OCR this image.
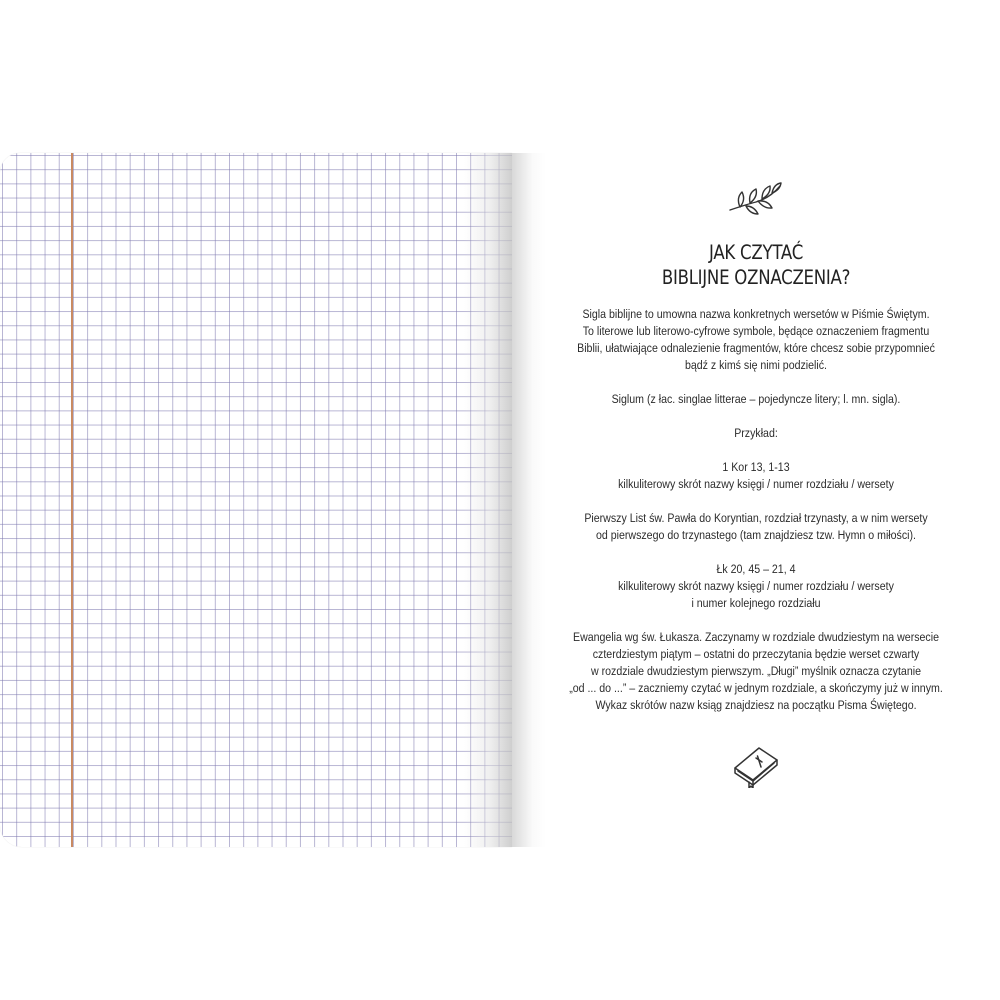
JAK CZYTAĆ
BIBLIJNE OZNACZENIA?

Sigla biblijne to umowna nazwa konkretnych wersetów w Piśmie Świętym.

To literowe lub literowo-cyfrowe symbole, będące oznaczeniem fragmentu

Biblii, ułatwiające odnalezienie fragmentów, które chcesz sobie przypomnieć

bądź z kimś się nimi podzielić.

Siglum (z łac. singlae litterae – pojedyncze litery; l. mn. sigla).

Przykład:

1 Kor 13, 1-13

kilkuliterowy skrót nazwy księgi / numer rozdziału / wersety

Pierwszy List św. Pawła do Koryntian, rozdział trzynasty, a w nim wersety

od pierwszego do trzynastego (tam znajdziesz tzw. Hymn o miłości).

Łk 20, 45 – 21, 4

kilkuliterowy skrót nazwy księgi / numer rozdziału / wersety

i numer kolejnego rozdziału

Ewangelia wg św. Łukasza. Zaczynamy w rozdziale dwudziestym na wersecie

czterdziestym piątym – ostatni do przeczytania będzie werset czwarty

w rozdziale dwudziestym pierwszym. „Długi” myślnik oznacza czytanie

„od ... do ...” – zaczniemy czytać w jednym rozdziale, a skończymy już w innym.

Wykaz skrótów nazw ksiąg znajdziesz na początku Pisma Świętego.
